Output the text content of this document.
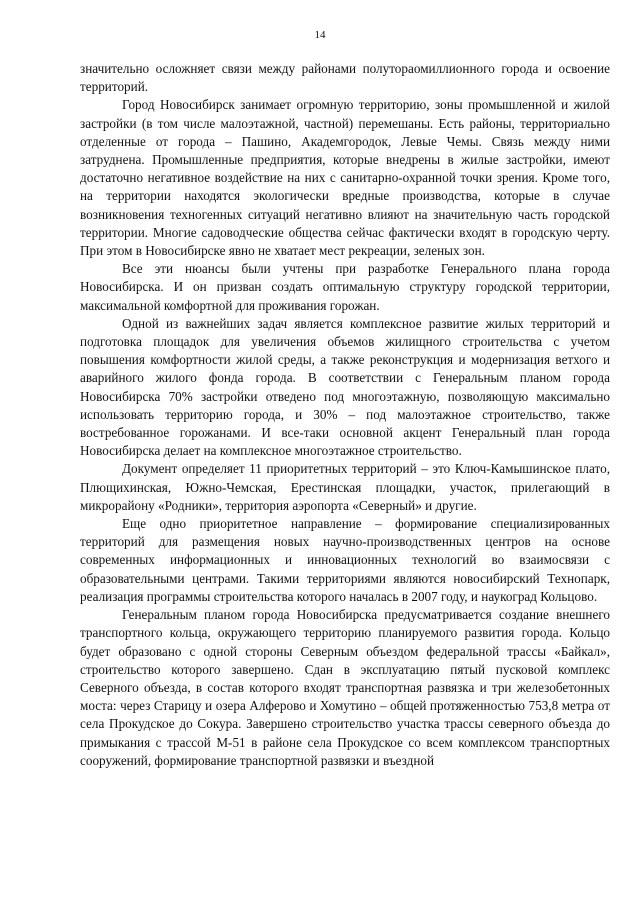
14

значительно осложняет связи между районами полутораомиллионного города и освоение территорий.

Город Новосибирск занимает огромную территорию, зоны промышленной и жилой застройки (в том числе малоэтажной, частной) перемешаны. Есть районы, территориально отделенные от города – Пашино, Академгородок, Левые Чемы. Связь между ними затруднена. Промышленные предприятия, которые внедрены в жилые застройки, имеют достаточно негативное воздействие на них с санитарно-охранной точки зрения. Кроме того, на территории находятся экологически вредные производства, которые в случае возникновения техногенных ситуаций негативно влияют на значительную часть городской территории. Многие садоводческие общества сейчас фактически входят в городскую черту. При этом в Новосибирске явно не хватает мест рекреации, зеленых зон.

Все эти нюансы были учтены при разработке Генерального плана города Новосибирска. И он призван создать оптимальную структуру городской территории, максимальной комфортной для проживания горожан.

Одной из важнейших задач является комплексное развитие жилых территорий и подготовка площадок для увеличения объемов жилищного строительства с учетом повышения комфортности жилой среды, а также реконструкция и модернизация ветхого и аварийного жилого фонда города. В соответствии с Генеральным планом города Новосибирска 70% застройки отведено под многоэтажную, позволяющую максимально использовать территорию города, и 30% – под малоэтажное строительство, также востребованное горожанами. И все-таки основной акцент Генеральный план города Новосибирска делает на комплексное многоэтажное строительство.

Документ определяет 11 приоритетных территорий – это Ключ-Камышинское плато, Плющихинская, Южно-Чемская, Ерестинская площадки, участок, прилегающий в микрорайону «Родники», территория аэропорта «Северный» и другие.

Еще одно приоритетное направление – формирование специализированных территорий для размещения новых научно-производственных центров на основе современных информационных и инновационных технологий во взаимосвязи с образовательными центрами. Такими территориями являются новосибирский Технопарк, реализация программы строительства которого началась в 2007 году, и наукоград Кольцово.

Генеральным планом города Новосибирска предусматривается создание внешнего транспортного кольца, окружающего территорию планируемого развития города. Кольцо будет образовано с одной стороны Северным объездом федеральной трассы «Байкал», строительство которого завершено. Сдан в эксплуатацию пятый пусковой комплекс Северного объезда, в состав которого входят транспортная развязка и три железобетонных моста: через Старицу и озера Алферово и Хомутино – общей протяженностью 753,8 метра от села Прокудское до Сокура. Завершено строительство участка трассы северного объезда до примыкания с трассой М-51 в районе села Прокудское со всем комплексом транспортных сооружений, формирование транспортной развязки и въездной
